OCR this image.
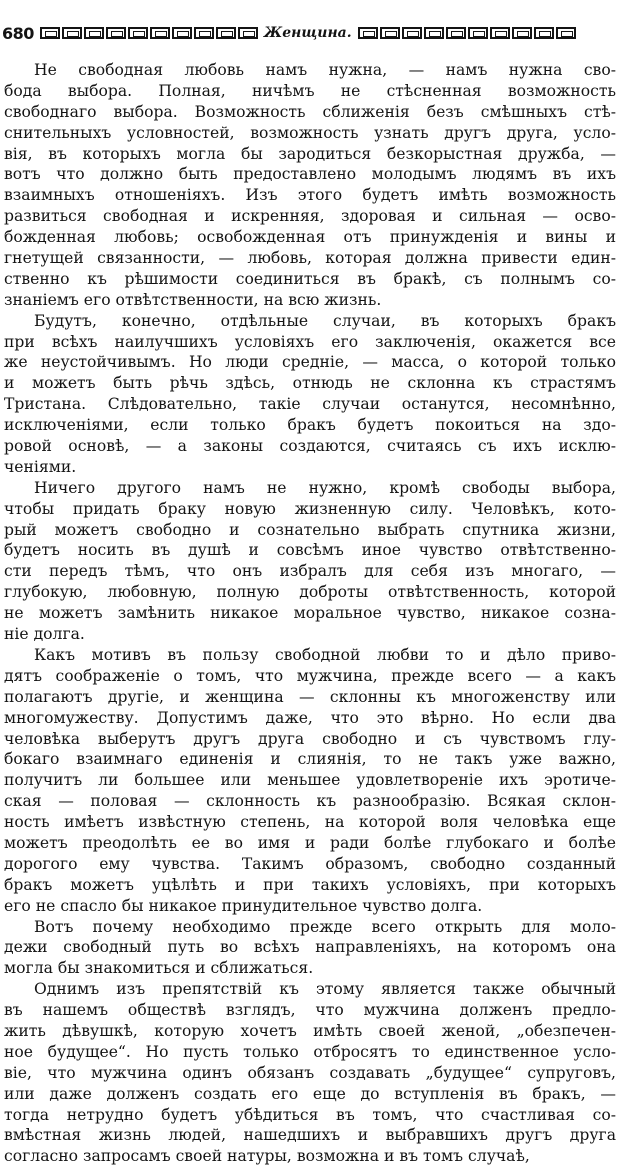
680	Женщина.
Не свободная любовь намъ нужна, — намъ нужна сво-
бода выбора. Полная, ничѣмъ не стѣсненная возможность
свободнаго выбора. Возможность сближенія безъ смѣшныхъ стѣ-
снительныхъ условностей, возможность узнать другъ друга, усло-
вія, въ которыхъ могла бы зародиться безкорыстная дружба, —
вотъ что должно быть предоставлено молодымъ людямъ въ ихъ
взаимныхъ отношеніяхъ. Изъ этого будетъ имѣть возможность
развиться свободная и искренняя, здоровая и сильная — осво-
божденная любовь; освобожденная отъ принужденія и вины и
гнетущей связанности, — любовь, которая должна привести един-
ственно къ рѣшимости соединиться въ бракѣ, съ полнымъ со-
знаніемъ его отвѣтственности, на всю жизнь.
Будутъ, конечно, отдѣльные случаи, въ которыхъ бракъ
при всѣхъ наилучшихъ условіяхъ его заключенія, окажется все
же неустойчивымъ. Но люди средніе, — масса, о которой только
и можетъ быть рѣчь здѣсь, отнюдь не склонна къ страстямъ
Тристана. Слѣдовательно, такіе случаи останутся, несомнѣнно,
исключеніями, если только бракъ будетъ покоиться на здо-
ровой основѣ, — а законы создаются, считаясь съ ихъ исклю-
ченіями.
Ничего другого намъ не нужно, кромѣ свободы выбора,
чтобы придать браку новую жизненную силу. Человѣкъ, кото-
рый можетъ свободно и сознательно выбрать спутника жизни,
будетъ носить въ душѣ и совсѣмъ иное чувство отвѣтственно-
сти передъ тѣмъ, что онъ избралъ для себя изъ многаго, —
глубокую, любовную, полную доброты отвѣтственность, которой
не можетъ замѣнить никакое моральное чувство, никакое созна-
ніе долга.
Какъ мотивъ въ пользу свободной любви то и дѣло приво-
дятъ соображеніе о томъ, что мужчина, прежде всего — а какъ
полагаютъ другіе, и женщина — склонны къ многоженству или
многомужеству. Допустимъ даже, что это вѣрно. Но если два
человѣка выберутъ другъ друга свободно и съ чувствомъ глу-
бокаго взаимнаго единенія и слиянія, то не такъ уже важно,
получитъ ли большее или меньшее удовлетвореніе ихъ эротиче-
ская — половая — склонность къ разнообразію. Всякая склон-
ность имѣетъ извѣстную степень, на которой воля человѣка еще
можетъ преодолѣть ее во имя и ради болѣе глубокаго и болѣе
дорогого ему чувства. Такимъ образомъ, свободно созданный
бракъ можетъ уцѣлѣть и при такихъ условіяхъ, при которыхъ
его не спасло бы никакое принудительное чувство долга.
Вотъ почему необходимо прежде всего открыть для моло-
дежи свободный путь во всѣхъ направленіяхъ, на которомъ она
могла бы знакомиться и сближаться.
Однимъ изъ препятствій къ этому является также обычный
въ нашемъ обществѣ взглядъ, что мужчина долженъ предло-
жить дѣвушкѣ, которую хочетъ имѣть своей женой, „обезпечен-
ное будущее“. Но пусть только отбросятъ то единственное усло-
віе, что мужчина одинъ обязанъ создавать „будущее“ супруговъ,
или даже долженъ создать его еще до вступленія въ бракъ, —
тогда нетрудно будетъ убѣдиться въ томъ, что счастливая со-
вмѣстная жизнь людей, нашедшихъ и выбравшихъ другъ друга
согласно запросамъ своей натуры, возможна и въ томъ случаѣ,
